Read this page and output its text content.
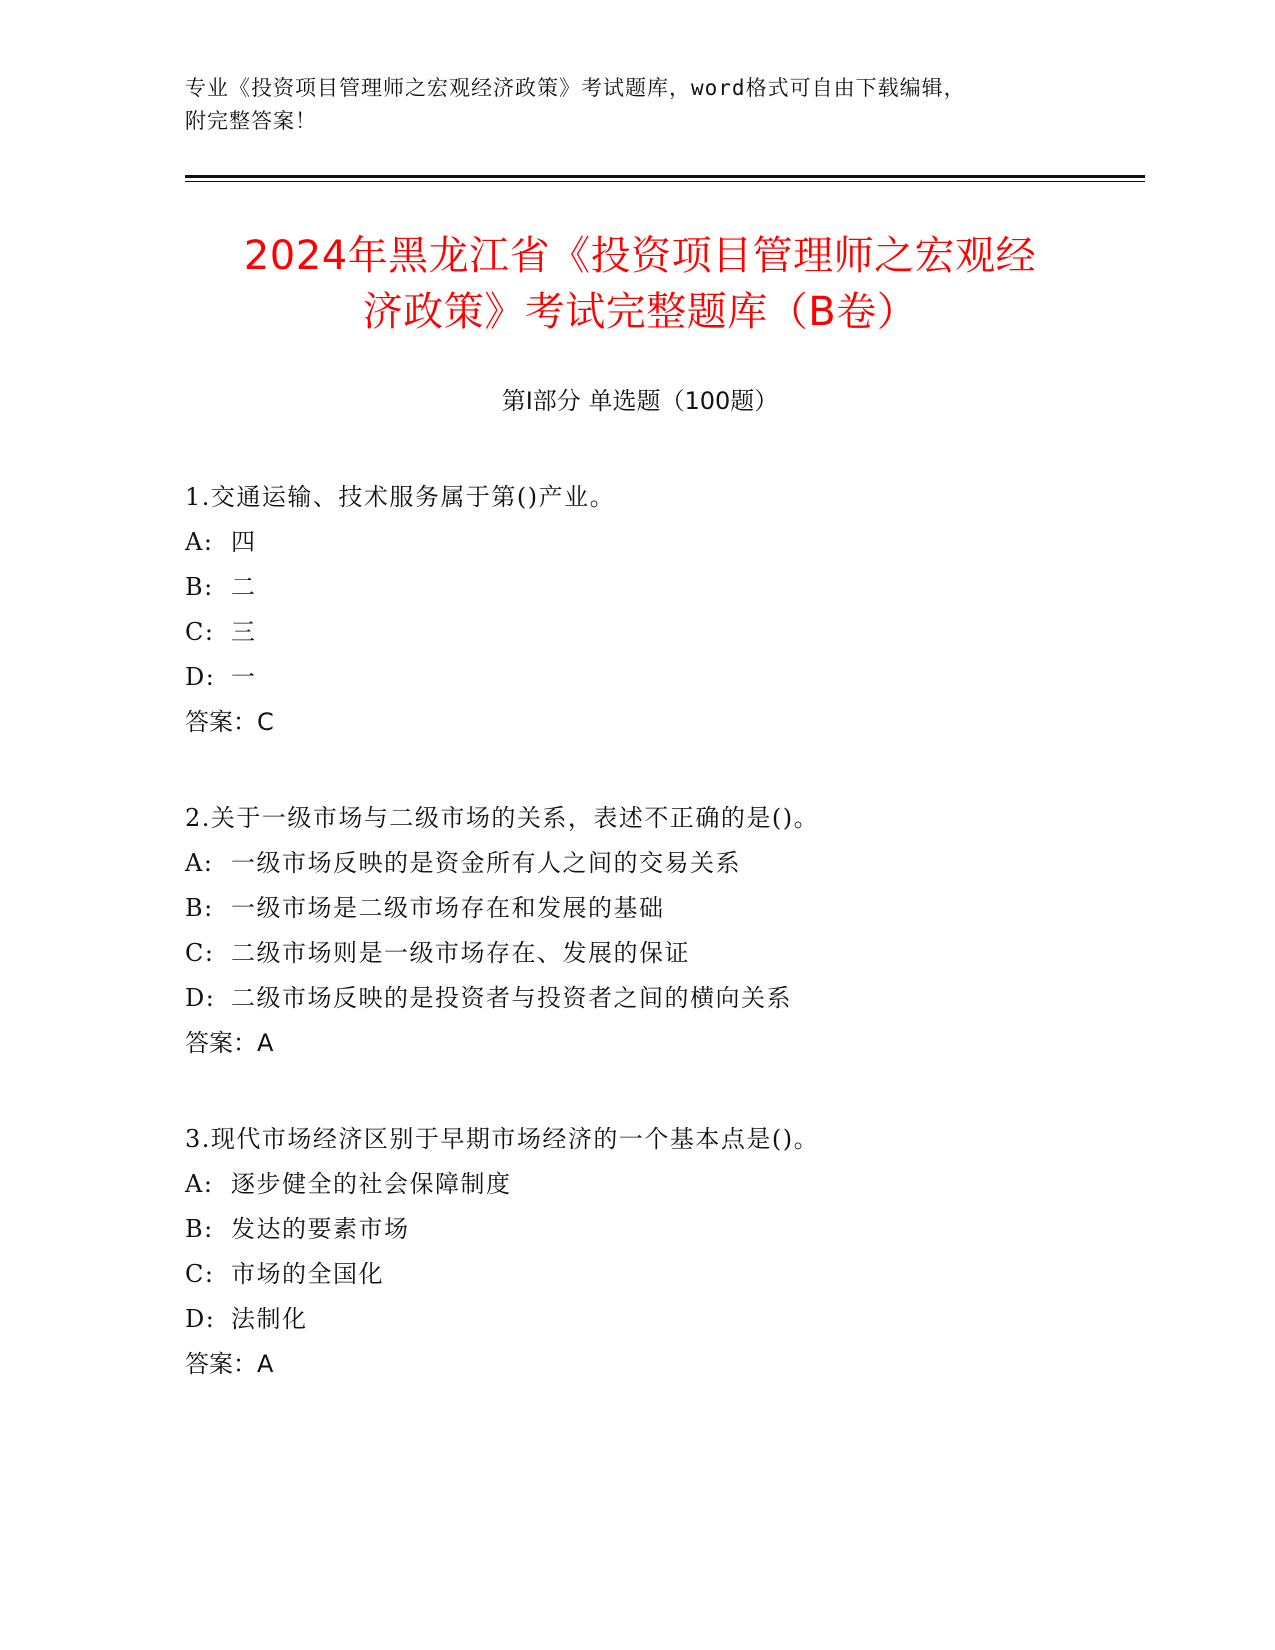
专业《投资项目管理师之宏观经济政策》考试题库，word格式可自由下载编辑，
附完整答案！
2024年黑龙江省《投资项目管理师之宏观经
济政策》考试完整题库（B卷）
第Ⅰ部分 单选题（100题）
1.交通运输、技术服务属于第()产业。
A: 四
B: 二
C: 三
D: 一
答案：C
2.关于一级市场与二级市场的关系，表述不正确的是()。
A: 一级市场反映的是资金所有人之间的交易关系
B: 一级市场是二级市场存在和发展的基础
C: 二级市场则是一级市场存在、发展的保证
D: 二级市场反映的是投资者与投资者之间的横向关系
答案：A
3.现代市场经济区别于早期市场经济的一个基本点是()。
A: 逐步健全的社会保障制度
B: 发达的要素市场
C: 市场的全国化
D: 法制化
答案：A
